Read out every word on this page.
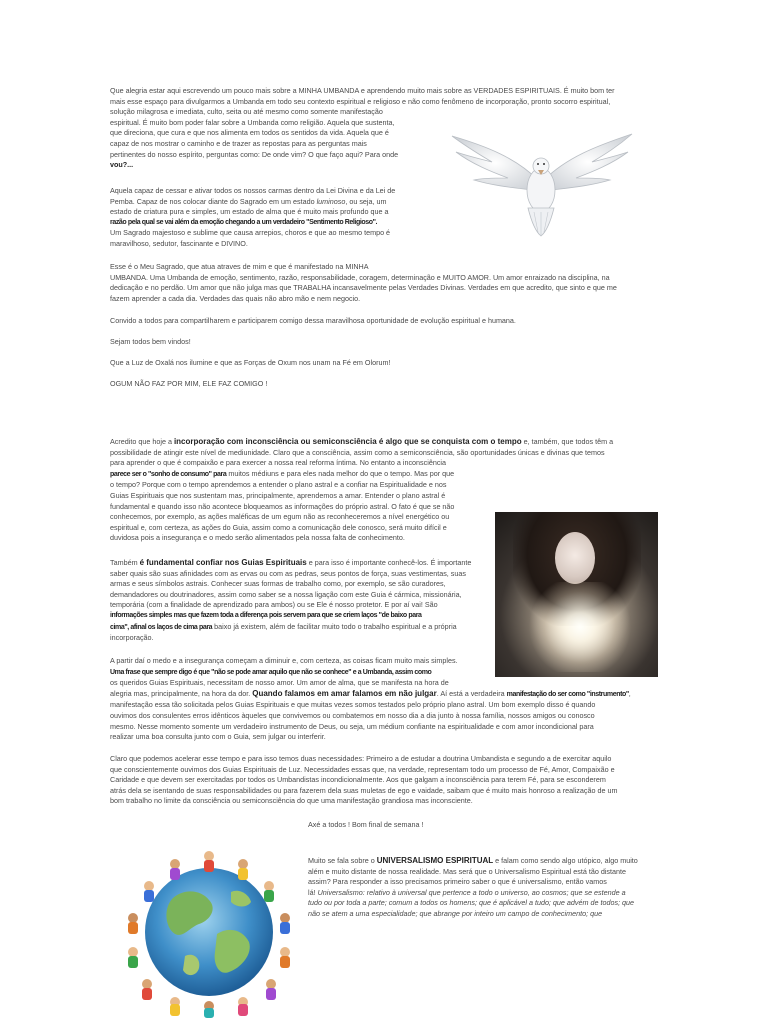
Que alegria estar aqui escrevendo um pouco mais sobre a MINHA UMBANDA e aprendendo muito mais sobre as VERDADES ESPIRITUAIS. É muito bom ter
mais esse espaço para divulgarmos a Umbanda em todo seu contexto espiritual e religioso e não como fenômeno de incorporação, pronto socorro espiritual,
solução milagrosa e imediata, culto, seita ou até mesmo como somente manifestação
espiritual. É muito bom poder falar sobre a Umbanda como religião. Aquela que sustenta,
que direciona, que cura e que nos alimenta em todos os sentidos da vida. Aquela que é
capaz de nos mostrar o caminho e de trazer as repostas para as perguntas mais
pertinentes do nosso espírito, perguntas como: De onde vim? O que faço aqui? Para onde
vou?...
Aquela capaz de cessar e ativar todos os nossos carmas dentro da Lei Divina e da Lei de
Pemba. Capaz de nos colocar diante do Sagrado em um estado luminoso, ou seja, um
estado de criatura pura e simples, um estado de alma que é muito mais profundo que a
razão pela qual se vai além da emoção chegando a um verdadeiro "Sentimento Religioso".
Um Sagrado majestoso e sublime que causa arrepios, choros e que ao mesmo tempo é
maravilhoso, sedutor, fascinante e DIVINO.
Esse é o Meu Sagrado, que atua atraves de mim e que é manifestado na MINHA
UMBANDA. Uma Umbanda de emoção, sentimento, razão, responsabilidade, coragem, determinação e MUITO AMOR. Um amor enraizado na disciplina, na
dedicação e no perdão. Um amor que não julga mas que TRABALHA incansavelmente pelas Verdades Divinas. Verdades em que acredito, que sinto e que me
fazem aprender a cada dia. Verdades das quais não abro mão e nem negocio.
Convido a todos para compartilharem e participarem comigo dessa maravilhosa oportunidade de evolução espiritual e humana.
Sejam todos bem vindos!
Que a Luz de Oxalá nos ilumine e que as Forças de Oxum nos unam na Fé em Olorum!
OGUM NÃO FAZ POR MIM, ELE FAZ COMIGO !
Acredito que hoje a incorporação com inconsciência ou semiconsciência é algo que se conquista com o tempo e, também, que todos têm a
possibilidade de atingir este nível de mediunidade. Claro que a consciência, assim como a semiconsciência, são oportunidades únicas e divinas que temos
para aprender o que é compaixão e para exercer a nossa real reforma íntima. No entanto a inconsciência
parece ser o "sonho de consumo" para muitos médiuns e para eles nada melhor do que o tempo. Mas por que
o tempo? Porque com o tempo aprendemos a entender o plano astral e a confiar na Espiritualidade e nos
Guias Espirituais que nos sustentam mas, principalmente, aprendemos a amar. Entender o plano astral é
fundamental e quando isso não acontece bloqueamos as informações do próprio astral. O fato é que se não
conhecemos, por exemplo, as ações maléficas de um egum não as reconheceremos a nível energético ou
espiritual e, com certeza, as ações do Guia, assim como a comunicação dele conosco, será muito difícil e
duvidosa pois a insegurança e o medo serão alimentados pela nossa falta de conhecimento.
Também é fundamental confiar nos Guias Espirituais e para isso é importante conhecê-los. É importante
saber quais são suas afinidades com as ervas ou com as pedras, seus pontos de força, suas vestimentas, suas
armas e seus símbolos astrais. Conhecer suas formas de trabalho como, por exemplo, se são curadores,
demandadores ou doutrinadores, assim como saber se a nossa ligação com este Guia é cármica, missionária,
temporária (com a finalidade de aprendizado para ambos) ou se Ele é nosso protetor. E por aí vai! São
informações simples mas que fazem toda a diferença pois servem para que se criem laços "de baixo para
cima", afinal os laços de cima para baixo já existem, além de facilitar muito todo o trabalho espiritual e a própria
incorporação.
A partir daí o medo e a insegurança começam a diminuir e, com certeza, as coisas ficam muito mais simples.
Uma frase que sempre digo é que "não se pode amar aquilo que não se conhece" e a Umbanda, assim como
os queridos Guias Espirituais, necessitam de nosso amor. Um amor de alma, que se manifesta na hora de
alegria mas, principalmente, na hora da dor. Quando falamos em amar falamos em não julgar. Aí está a verdadeira manifestação do ser como "instrumento",
manifestação essa tão solicitada pelos Guias Espirituais e que muitas vezes somos testados pelo próprio plano astral. Um bom exemplo disso é quando
ouvimos dos consulentes erros idênticos àqueles que convivemos ou combatemos em nosso dia a dia junto à nossa família, nossos amigos ou conosco
mesmo. Nesse momento somente um verdadeiro instrumento de Deus, ou seja, um médium confiante na espiritualidade e com amor incondicional para
realizar uma boa consulta junto com o Guia, sem julgar ou interferir.
Claro que podemos acelerar esse tempo e para isso temos duas necessidades: Primeiro a de estudar a doutrina Umbandista e segundo a de exercitar aquilo
que conscientemente ouvimos dos Guias Espirituais de Luz. Necessidades essas que, na verdade, representam todo um processo de Fé, Amor, Compaixão e
Caridade e que devem ser exercitadas por todos os Umbandistas incondicionalmente. Aos que galgam a inconsciência para terem Fé, para se esconderem
atrás dela se isentando de suas responsabilidades ou para fazerem dela suas muletas de ego e vaidade, saibam que é muito mais honroso a realização de um
bom trabalho no limite da consciência ou semiconsciência do que uma manifestação grandiosa mas inconsciente.
Axé a todos ! Bom final de semana !
Muito se fala sobre o UNIVERSALISMO ESPIRITUAL e falam como sendo algo utópico, algo muito
além e muito distante de nossa realidade. Mas será que o Universalismo Espiritual está tão distante
assim? Para responder a isso precisamos primeiro saber o que é universalismo, então vamos
lá! Universalismo: relativo à universal que pertence a todo o universo, ao cosmos; que se estende a
tudo ou por toda a parte; comum a todos os homens; que é aplicável a tudo; que advém de todos; que
não se atem a uma especialidade; que abrange por inteiro um campo de conhecimento; que
